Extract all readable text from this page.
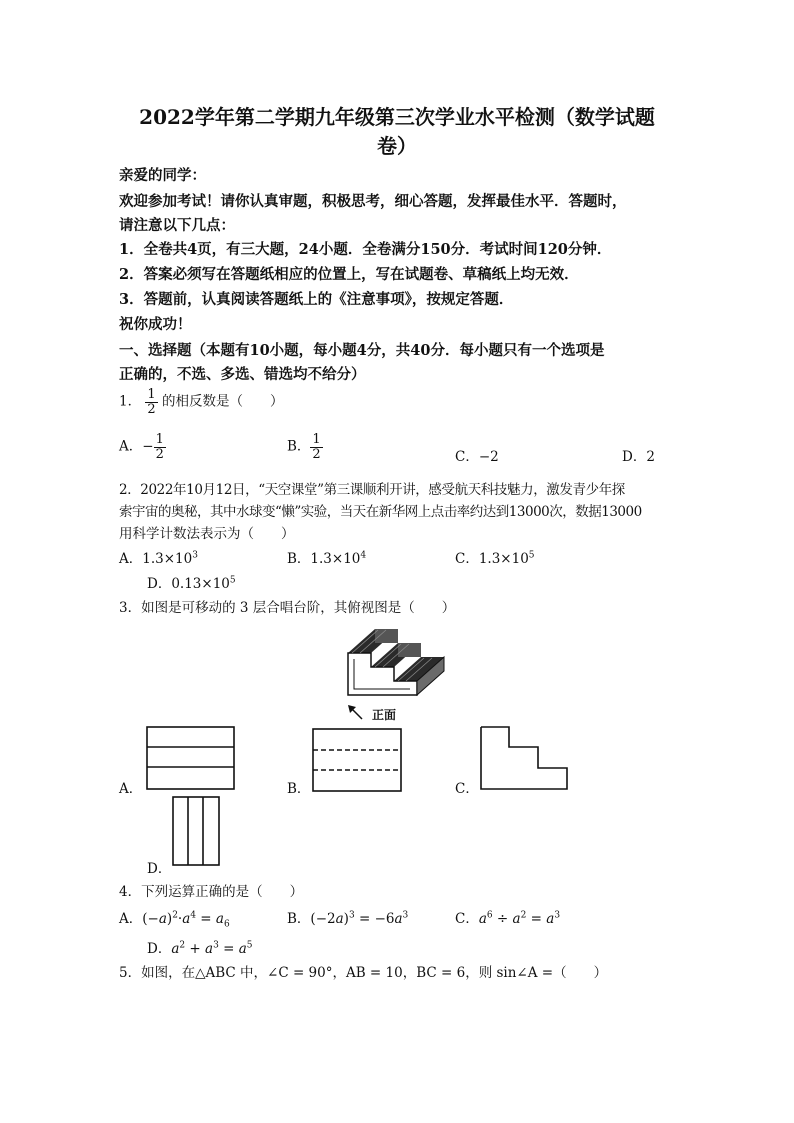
2022学年第二学期九年级第三次学业水平检测（数学试题
卷）
亲爱的同学：
欢迎参加考试！请你认真审题，积极思考，细心答题，发挥最佳水平．答题时，
请注意以下几点：
1．全卷共4页，有三大题，24小题．全卷满分150分．考试时间120分钟．
2．答案必须写在答题纸相应的位置上，写在试题卷、草稿纸上均无效．
3．答题前，认真阅读答题纸上的《注意事项》，按规定答题．
祝你成功！
一、选择题（本题有10小题，每小题4分，共40分．每小题只有一个选项是
正确的，不选、多选、错选均不给分）
1． $\frac{1}{2}$ 的相反数是（　　）
A．− $\frac{1}{2}$	B． $\frac{1}{2}$	C．−2	D．2
2．2022年10月12日，“天空课堂”第三课顺利开讲，感受航天科技魅力，激发青少年探
索宇宙的奥秘，其中水球变“懒”实验，当天在新华网上点击率约达到13000次，数据13000
用科学计数法表示为（　　）
A．$1.3\times 10^3$	B．$1.3\times 10^4$	C．$1.3\times 10^5$
D．$0.13\times 10^5$
3．如图是可移动的 3 层合唱台阶，其俯视图是（　　）
正面
A．	B．	C．
D．
4．下列运算正确的是（　　）
A．$(-a)^2\cdot a^4 = a_6$	B．$(-2a)^3 = -6a^3$	C．$a^6 \div a^2 = a^3$
D．$a^2 + a^3 = a^5$
5．如图，在△ABC 中，∠C = 90°，AB = 10，BC = 6，则 sin∠A =（　　）
